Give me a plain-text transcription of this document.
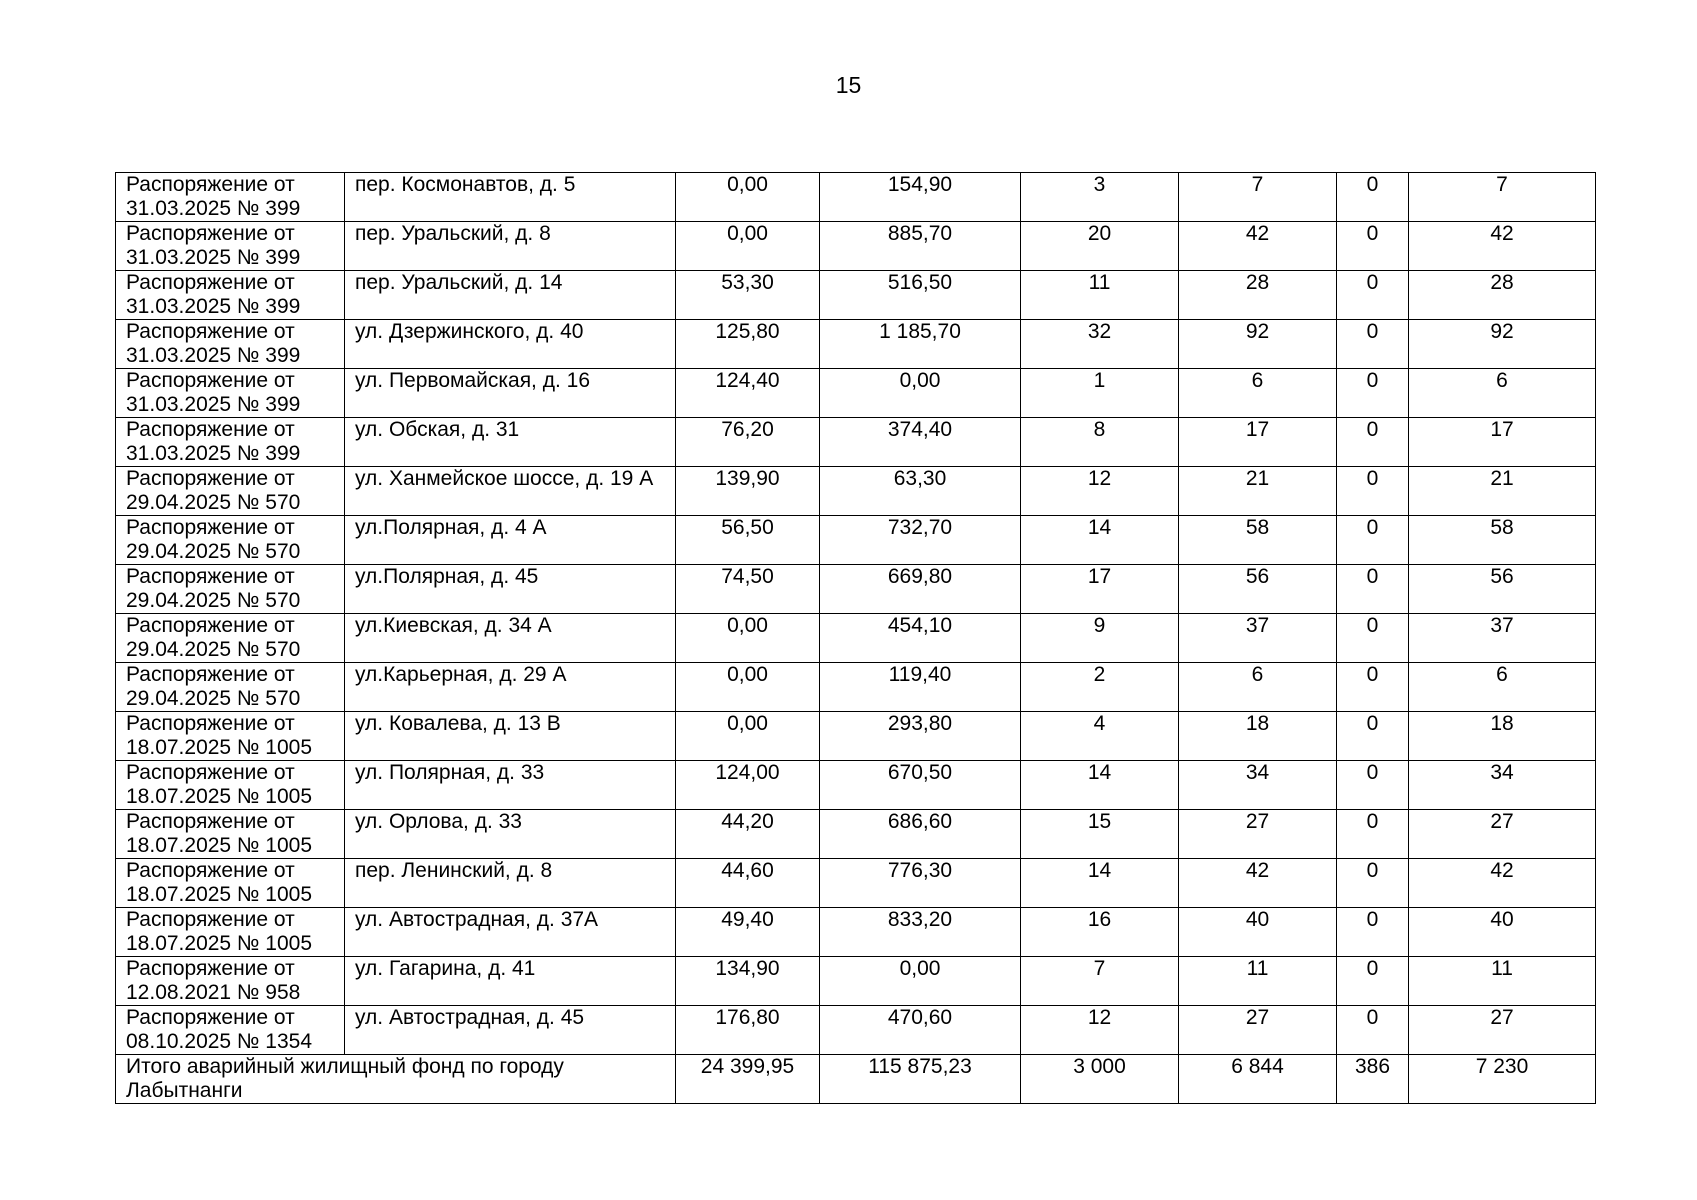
15
Распоряжение от 31.03.2025 № 399	пер. Космонавтов, д. 5	0,00	154,90	3	7	0	7
Распоряжение от 31.03.2025 № 399	пер. Уральский, д. 8	0,00	885,70	20	42	0	42
Распоряжение от 31.03.2025 № 399	пер. Уральский, д. 14	53,30	516,50	11	28	0	28
Распоряжение от 31.03.2025 № 399	ул. Дзержинского, д. 40	125,80	1 185,70	32	92	0	92
Распоряжение от 31.03.2025 № 399	ул. Первомайская, д. 16	124,40	0,00	1	6	0	6
Распоряжение от 31.03.2025 № 399	ул. Обская, д. 31	76,20	374,40	8	17	0	17
Распоряжение от 29.04.2025 № 570	ул. Ханмейское шоссе, д. 19 А	139,90	63,30	12	21	0	21
Распоряжение от 29.04.2025 № 570	ул.Полярная, д. 4 А	56,50	732,70	14	58	0	58
Распоряжение от 29.04.2025 № 570	ул.Полярная, д. 45	74,50	669,80	17	56	0	56
Распоряжение от 29.04.2025 № 570	ул.Киевская, д. 34 А	0,00	454,10	9	37	0	37
Распоряжение от 29.04.2025 № 570	ул.Карьерная, д. 29 А	0,00	119,40	2	6	0	6
Распоряжение от 18.07.2025 № 1005	ул. Ковалева, д. 13 В	0,00	293,80	4	18	0	18
Распоряжение от 18.07.2025 № 1005	ул. Полярная, д. 33	124,00	670,50	14	34	0	34
Распоряжение от 18.07.2025 № 1005	ул. Орлова, д. 33	44,20	686,60	15	27	0	27
Распоряжение от 18.07.2025 № 1005	пер. Ленинский, д. 8	44,60	776,30	14	42	0	42
Распоряжение от 18.07.2025 № 1005	ул. Автострадная, д. 37А	49,40	833,20	16	40	0	40
Распоряжение от 12.08.2021 № 958	ул. Гагарина, д. 41	134,90	0,00	7	11	0	11
Распоряжение от 08.10.2025 № 1354	ул. Автострадная, д. 45	176,80	470,60	12	27	0	27
Итого аварийный жилищный фонд по городу Лабытнанги		24 399,95	115 875,23	3 000	6 844	386	7 230
